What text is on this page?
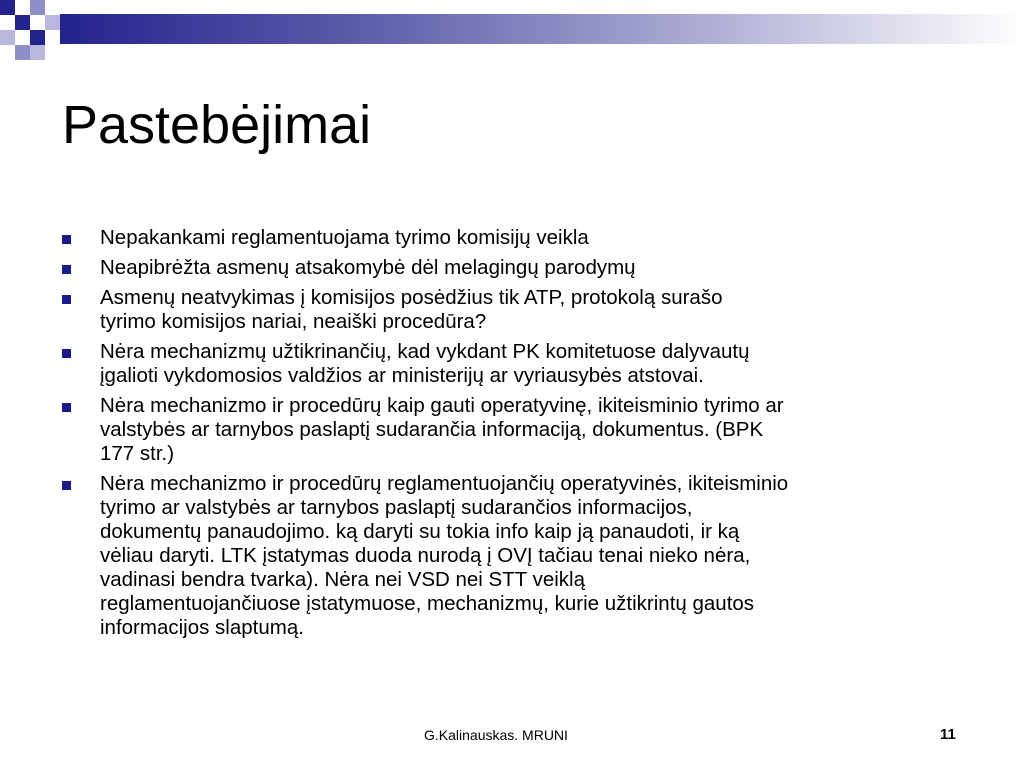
Pastebėjimai
Nepakankami reglamentuojama tyrimo komisijų veikla
Neapibrėžta asmenų atsakomybė dėl melagingų parodymų
Asmenų neatvykimas į komisijos posėdžius tik ATP, protokolą surašo
tyrimo komisijos nariai, neaiški procedūra?
Nėra mechanizmų užtikrinančių, kad vykdant PK komitetuose dalyvautų
įgalioti vykdomosios valdžios ar ministerijų ar vyriausybės atstovai.
Nėra mechanizmo ir procedūrų kaip gauti operatyvinę, ikiteisminio tyrimo ar
valstybės ar tarnybos paslaptį sudarančia informaciją, dokumentus. (BPK
177 str.)
Nėra mechanizmo ir procedūrų reglamentuojančių operatyvinės, ikiteisminio
tyrimo ar valstybės ar tarnybos paslaptį sudarančios informacijos,
dokumentų panaudojimo. ką daryti su tokia info kaip ją panaudoti, ir ką
vėliau daryti. LTK įstatymas duoda nurodą į OVĮ tačiau tenai nieko nėra,
vadinasi bendra tvarka). Nėra nei VSD nei STT veiklą
reglamentuojančiuose įstatymuose, mechanizmų, kurie užtikrintų gautos
informacijos slaptumą.
G.Kalinauskas. MRUNI	11
